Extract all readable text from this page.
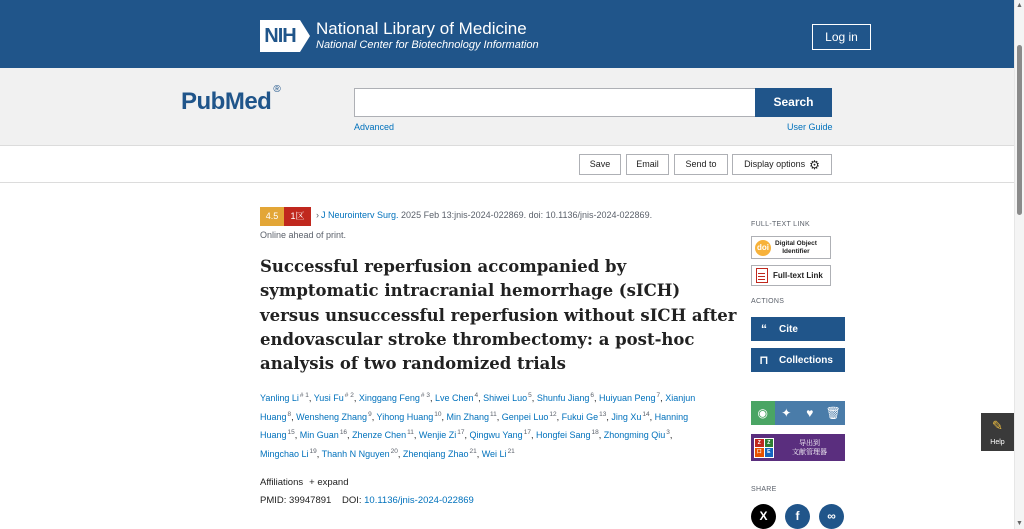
NIH National Library of Medicine
National Center for Biotechnology Information
Log in
PubMed ®
Search
Advanced	User Guide
Save	Email	Send to	Display options ⚙
4.5	1区	› J Neurointerv Surg. 2025 Feb 13:jnis-2024-022869. doi: 10.1136/jnis-2024-022869.
Online ahead of print.
Successful reperfusion accompanied by symptomatic intracranial hemorrhage (sICH) versus unsuccessful reperfusion without sICH after endovascular stroke thrombectomy: a post-hoc analysis of two randomized trials
Yanling Li$^{\# 1}$, Yusi Fu$^{\# 2}$, Xinggang Feng$^{\# 3}$, Lve Chen$^4$, Shiwei Luo$^5$, Shunfu Jiang$^6$, Huiyuan Peng$^7$, Xianjun Huang$^8$, Wensheng Zhang$^9$, Yihong Huang$^{10}$, Min Zhang$^{11}$, Genpei Luo$^{12}$, Fukui Ge$^{13}$, Jing Xu$^{14}$, Hanning Huang$^{15}$, Min Guan$^{16}$, Zhenze Chen$^{11}$, Wenjie Zi$^{17}$, Qingwu Yang$^{17}$, Hongfei Sang$^{18}$, Zhongming Qiu$^3$, Mingchao Li$^{19}$, Thanh N Nguyen$^{20}$, Zhenqiang Zhao$^{21}$, Wei Li$^{21}$
Affiliations + expand
PMID: 39947891 DOI: 10.1136/jnis-2024-022869
FULL-TEXT LINK
doi Digital Object
Identifier
Full-text Link
ACTIONS
“	Cite
⊓	Collections
◉	✦	♥	🗑
Z	Z
口	E
导出到
文献管理器
SHARE
X	f	∞
✎
Help
▲
▼
